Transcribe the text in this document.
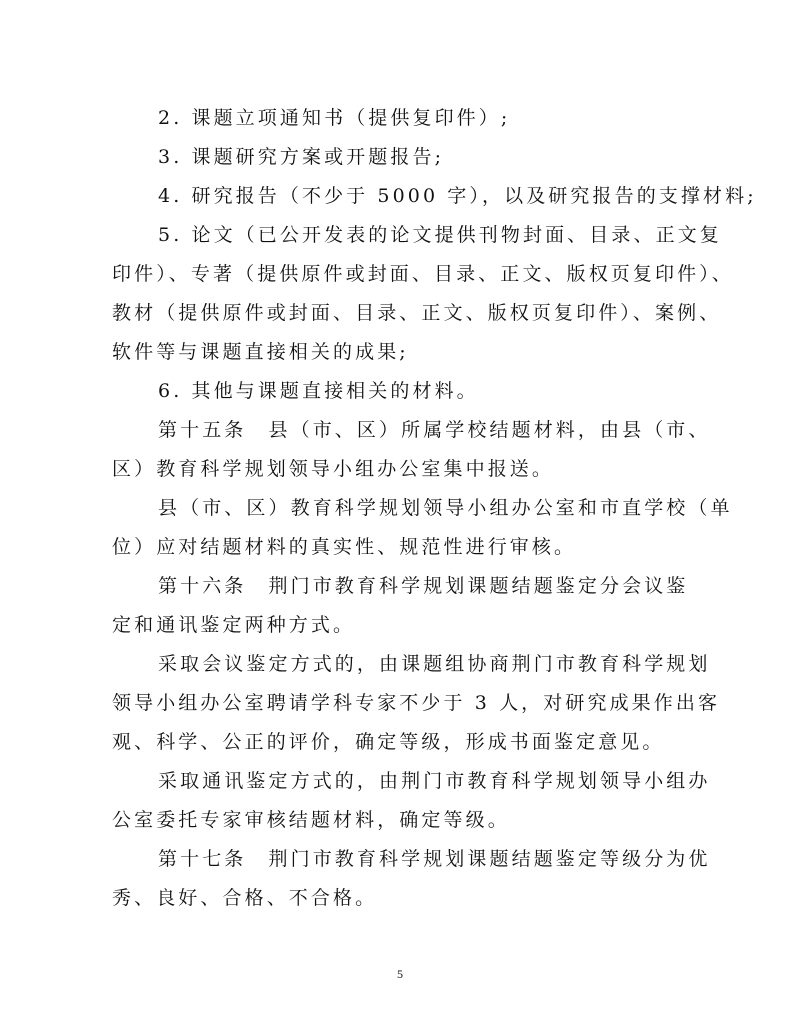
2. 课题立项通知书（提供复印件）;
3. 课题研究方案或开题报告;
4. 研究报告（不少于 5000 字），以及研究报告的支撑材料;
5. 论文（已公开发表的论文提供刊物封面、目录、正文复
印件）、专著（提供原件或封面、目录、正文、版权页复印件）、
教材（提供原件或封面、目录、正文、版权页复印件）、案例、
软件等与课题直接相关的成果;
6. 其他与课题直接相关的材料。
第十五条　县（市、区）所属学校结题材料，由县（市、
区）教育科学规划领导小组办公室集中报送。
县（市、区）教育科学规划领导小组办公室和市直学校（单
位）应对结题材料的真实性、规范性进行审核。
第十六条　荆门市教育科学规划课题结题鉴定分会议鉴
定和通讯鉴定两种方式。
采取会议鉴定方式的，由课题组协商荆门市教育科学规划
领导小组办公室聘请学科专家不少于 3 人，对研究成果作出客
观、科学、公正的评价，确定等级，形成书面鉴定意见。
采取通讯鉴定方式的，由荆门市教育科学规划领导小组办
公室委托专家审核结题材料，确定等级。
第十七条　荆门市教育科学规划课题结题鉴定等级分为优
秀、良好、合格、不合格。
5
